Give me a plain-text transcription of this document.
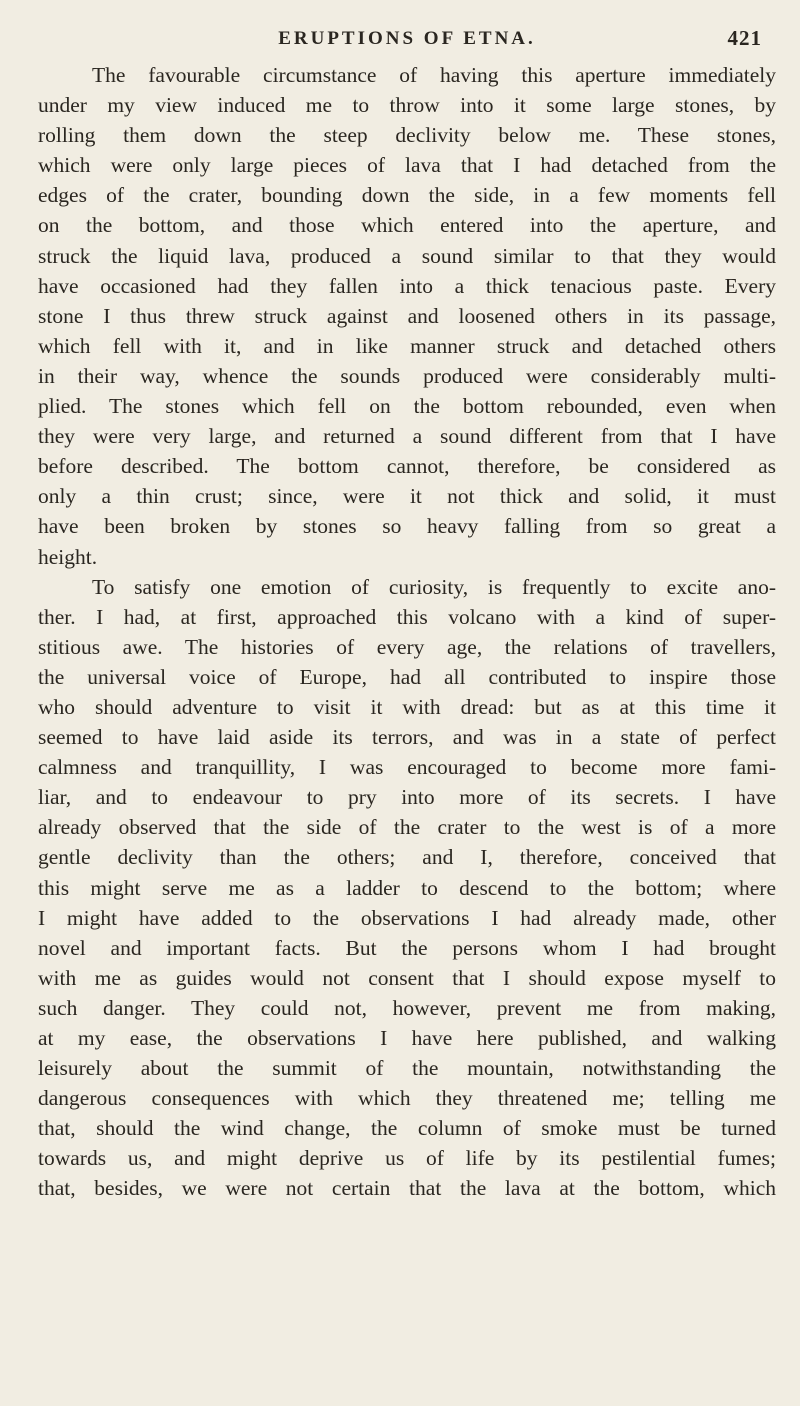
ERUPTIONS OF ETNA.	421
The favourable circumstance of having this aperture immediately
under my view induced me to throw into it some large stones, by
rolling them down the steep declivity below me. These stones,
which were only large pieces of lava that I had detached from the
edges of the crater, bounding down the side, in a few moments fell
on the bottom, and those which entered into the aperture, and
struck the liquid lava, produced a sound similar to that they would
have occasioned had they fallen into a thick tenacious paste. Every
stone I thus threw struck against and loosened others in its passage,
which fell with it, and in like manner struck and detached others
in their way, whence the sounds produced were considerably multi-
plied. The stones which fell on the bottom rebounded, even when
they were very large, and returned a sound different from that I have
before described. The bottom cannot, therefore, be considered as
only a thin crust; since, were it not thick and solid, it must
have been broken by stones so heavy falling from so great a
height.
To satisfy one emotion of curiosity, is frequently to excite ano-
ther. I had, at first, approached this volcano with a kind of super-
stitious awe. The histories of every age, the relations of travellers,
the universal voice of Europe, had all contributed to inspire those
who should adventure to visit it with dread: but as at this time it
seemed to have laid aside its terrors, and was in a state of perfect
calmness and tranquillity, I was encouraged to become more fami-
liar, and to endeavour to pry into more of its secrets. I have
already observed that the side of the crater to the west is of a more
gentle declivity than the others; and I, therefore, conceived that
this might serve me as a ladder to descend to the bottom; where
I might have added to the observations I had already made, other
novel and important facts. But the persons whom I had brought
with me as guides would not consent that I should expose myself to
such danger. They could not, however, prevent me from making,
at my ease, the observations I have here published, and walking
leisurely about the summit of the mountain, notwithstanding the
dangerous consequences with which they threatened me; telling me
that, should the wind change, the column of smoke must be turned
towards us, and might deprive us of life by its pestilential fumes;
that, besides, we were not certain that the lava at the bottom, which
